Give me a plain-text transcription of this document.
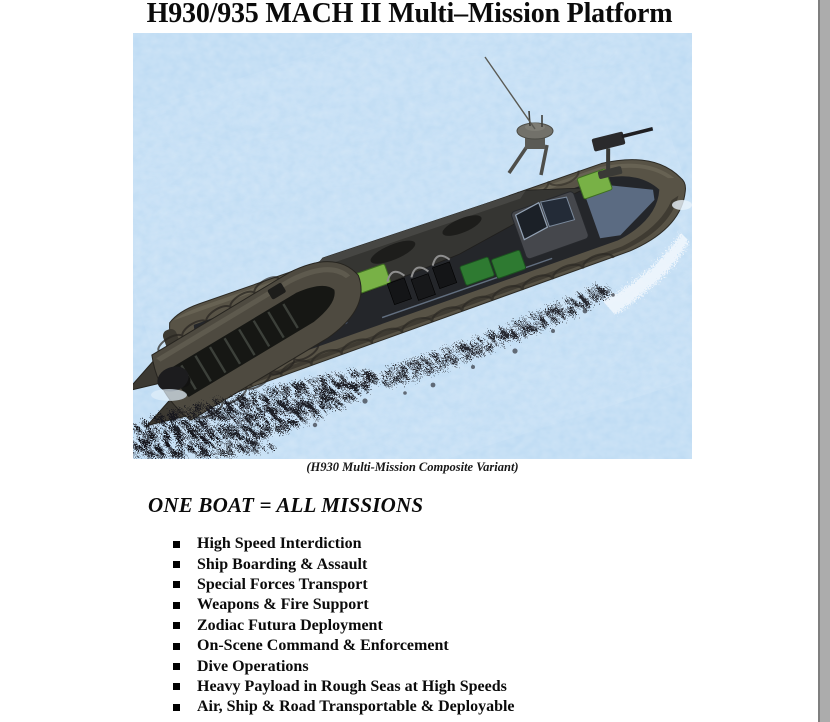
H930/935 MACH II Multi–Mission Platform
(H930 Multi-Mission Composite Variant)
ONE BOAT = ALL MISSIONS
High Speed Interdiction
Ship Boarding & Assault
Special Forces Transport
Weapons & Fire Support
Zodiac Futura Deployment
On-Scene Command & Enforcement
Dive Operations
Heavy Payload in Rough Seas at High Speeds
Air, Ship & Road Transportable & Deployable
